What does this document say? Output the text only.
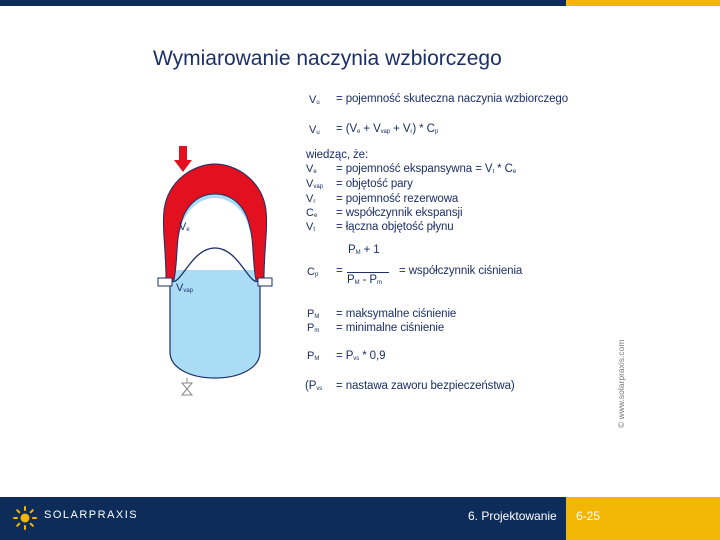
Wymiarowanie naczynia wzbiorczego
$V_e$
$V_{vap}$
$V_u$ = pojemność skuteczna naczynia wzbiorczego
$V_u = (V_e + V_{vap} + V_r) * C_p$
wiedząc, że:
$V_e$ = pojemność ekspansywna = $V_t * C_e$
$V_{vap}$ = objętość pary
$V_r$ = pojemność rezerwowa
$C_e$ = współczynnik ekspansji
$V_t$ = łączna objętość płynu
$P_M + 1$
$C_p$ =
$P_M - P_m$
= współczynnik ciśnienia
$P_M$ = maksymalne ciśnienie
$P_m$ = minimalne ciśnienie
$P_M = P_{vs} * 0,9$
($P_{vs}$ = nastawa zaworu bezpieczeństwa)	© www.solarpraxis.com
SOLARPRAXIS	6. Projektowanie 6-25
